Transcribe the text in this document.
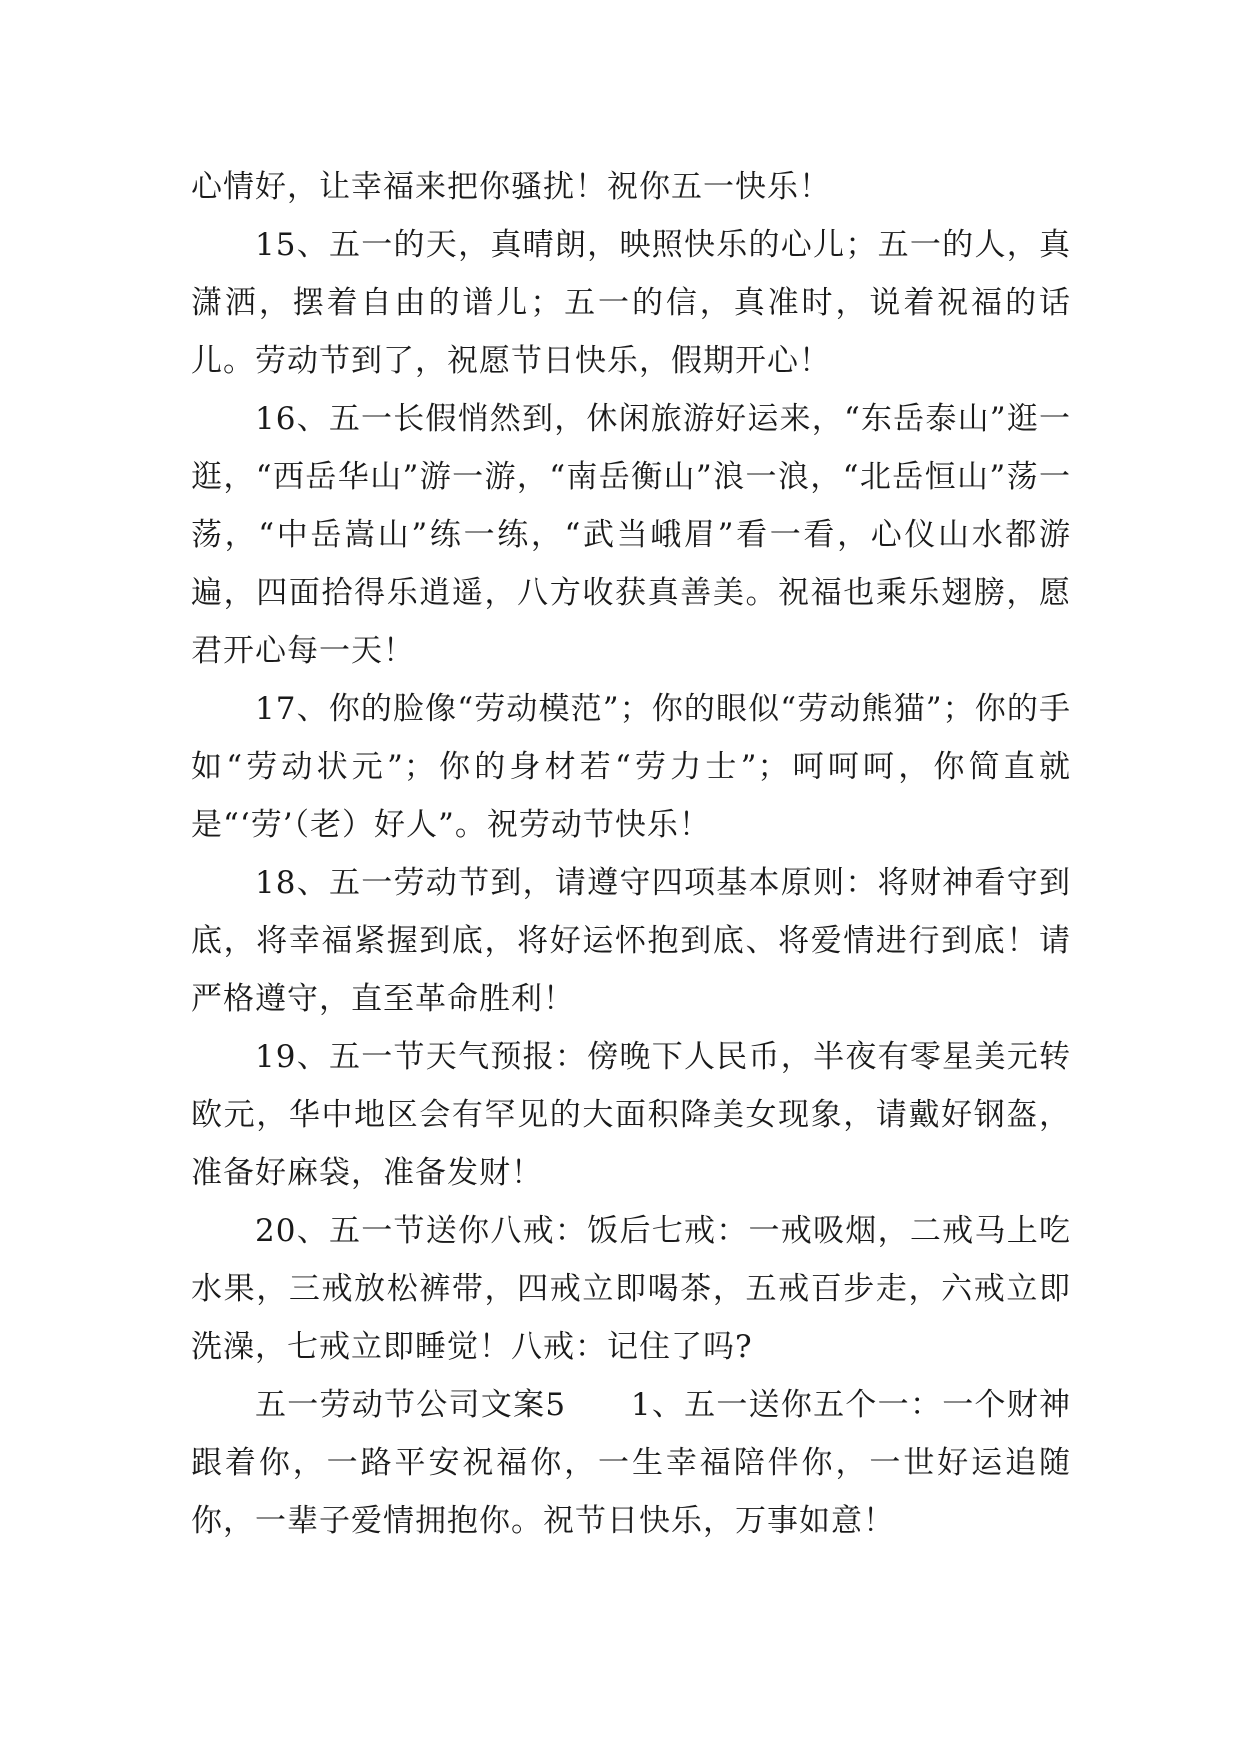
心情好，让幸福来把你骚扰！祝你五一快乐！

15、五一的天，真晴朗，映照快乐的心儿；五一的人，真潇洒，摆着自由的谱儿；五一的信，真准时，说着祝福的话儿。劳动节到了，祝愿节日快乐，假期开心！

16、五一长假悄然到，休闲旅游好运来，“东岳泰山”逛一逛，“西岳华山”游一游，“南岳衡山”浪一浪，“北岳恒山”荡一荡，“中岳嵩山”练一练，“武当峨眉”看一看，心仪山水都游遍，四面拾得乐逍遥，八方收获真善美。祝福也乘乐翅膀，愿君开心每一天！

17、你的脸像“劳动模范”；你的眼似“劳动熊猫”；你的手如“劳动状元”；你的身材若“劳力士”；呵呵呵，你简直就是“‘劳’（老）好人”。祝劳动节快乐！

18、五一劳动节到，请遵守四项基本原则：将财神看守到底，将幸福紧握到底，将好运怀抱到底、将爱情进行到底！请严格遵守，直至革命胜利！

19、五一节天气预报：傍晚下人民币，半夜有零星美元转欧元，华中地区会有罕见的大面积降美女现象，请戴好钢盔，准备好麻袋，准备发财！

20、五一节送你八戒：饭后七戒：一戒吸烟，二戒马上吃水果，三戒放松裤带，四戒立即喝茶，五戒百步走，六戒立即洗澡，七戒立即睡觉！八戒：记住了吗?

五一劳动节公司文案5　　1、五一送你五个一：一个财神跟着你，一路平安祝福你，一生幸福陪伴你，一世好运追随你，一辈子爱情拥抱你。祝节日快乐，万事如意！
